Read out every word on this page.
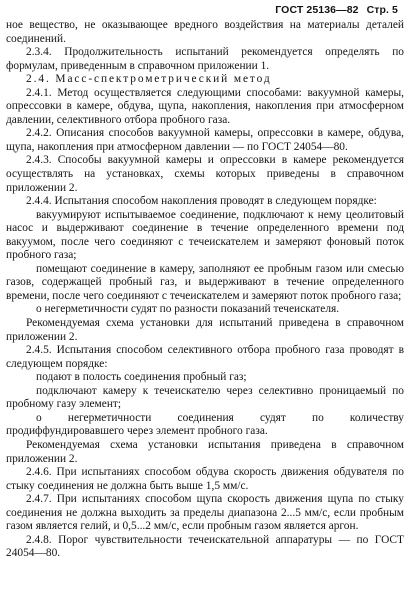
ГОСТ 25136—82 Стр. 5

ное вещество, не оказывающее вредного воздействия на материалы деталей соединений.

2.3.4. Продолжительность испытаний рекомендуется определять по формулам, приведенным в справочном приложении 1.

2.4. Масс-спектрометрический метод

2.4.1. Метод осуществляется следующими способами: вакуумной камеры, опрессовки в камере, обдува, щупа, накопления, накопления при атмосферном давлении, селективного отбора пробного газа.

2.4.2. Описания способов вакуумной камеры, опрессовки в камере, обдува, щупа, накопления при атмосферном давлении — по ГОСТ 24054—80.

2.4.3. Способы вакуумной камеры и опрессовки в камере рекомендуется осуществлять на установках, схемы которых приведены в справочном приложении 2.

2.4.4. Испытания способом накопления проводят в следующем порядке:

вакуумируют испытываемое соединение, подключают к нему цеолитовый насос и выдерживают соединение в течение определенного времени под вакуумом, после чего соединяют с течеискателем и замеряют фоновый поток пробного газа;

помещают соединение в камеру, заполняют ее пробным газом или смесью газов, содержащей пробный газ, и выдерживают в течение определенного времени, после чего соединяют с течеискателем и замеряют поток пробного газа;

о негерметичности судят по разности показаний течеискателя.

Рекомендуемая схема установки для испытаний приведена в справочном приложении 2.

2.4.5. Испытания способом селективного отбора пробного газа проводят в следующем порядке:

подают в полость соединения пробный газ;

подключают камеру к течеискателю через селективно проницаемый по пробному газу элемент;

о негерметичности соединения судят по количеству продиффундировавшего через элемент пробного газа.

Рекомендуемая схема установки испытания приведена в справочном приложении 2.

2.4.6. При испытаниях способом обдува скорость движения обдувателя по стыку соединения не должна быть выше 1,5 мм/с.

2.4.7. При испытаниях способом щупа скорость движения щупа по стыку соединения не должна выходить за пределы диапазона 2...5 мм/с, если пробным газом является гелий, и 0,5...2 мм/с, если пробным газом является аргон.

2.4.8. Порог чувствительности течеискательной аппаратуры — по ГОСТ 24054—80.
